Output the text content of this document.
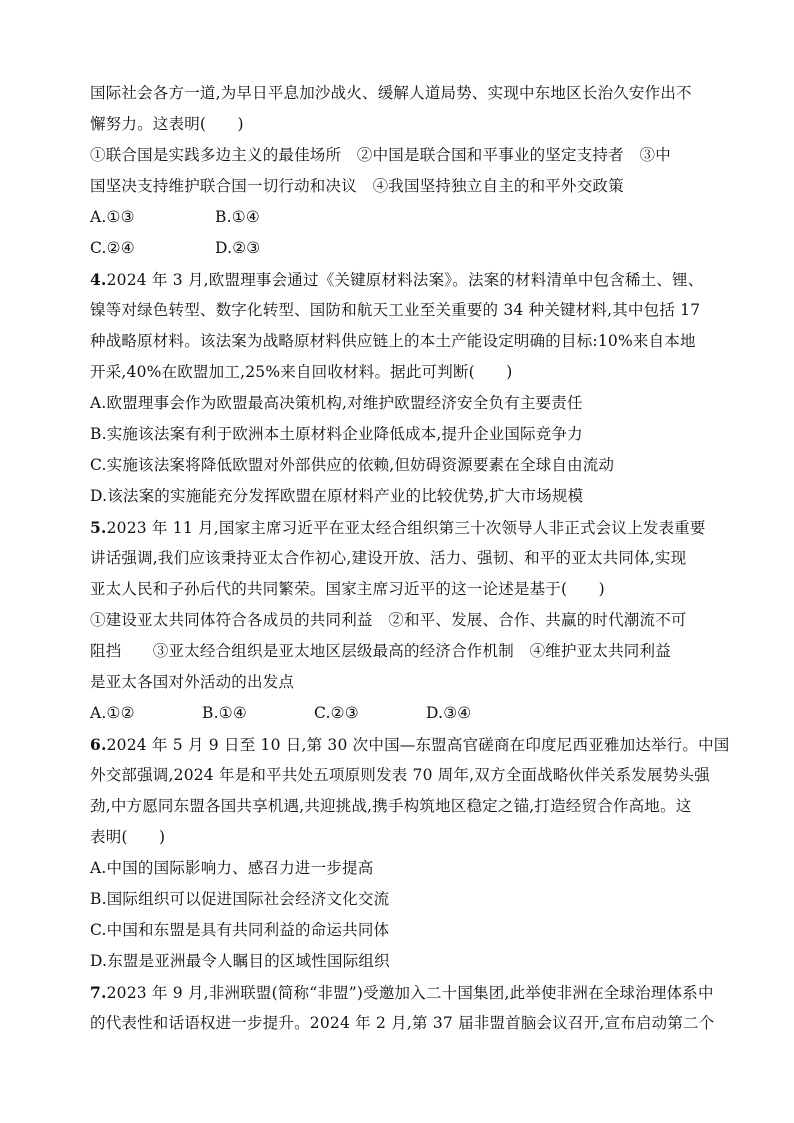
国际社会各方一道,为早日平息加沙战火、缓解人道局势、实现中东地区长治久安作出不
懈努力。这表明(　　)
①联合国是实践多边主义的最佳场所　②中国是联合国和平事业的坚定支持者　③中
国坚决支持维护联合国一切行动和决议　④我国坚持独立自主的和平外交政策
A.①③	B.①④
C.②④	D.②③
4.2024 年 3 月,欧盟理事会通过《关键原材料法案》。法案的材料清单中包含稀土、锂、
镍等对绿色转型、数字化转型、国防和航天工业至关重要的 34 种关键材料,其中包括 17
种战略原材料。该法案为战略原材料供应链上的本土产能设定明确的目标:10%来自本地
开采,40%在欧盟加工,25%来自回收材料。据此可判断(　　)
A.欧盟理事会作为欧盟最高决策机构,对维护欧盟经济安全负有主要责任
B.实施该法案有利于欧洲本土原材料企业降低成本,提升企业国际竞争力
C.实施该法案将降低欧盟对外部供应的依赖,但妨碍资源要素在全球自由流动
D.该法案的实施能充分发挥欧盟在原材料产业的比较优势,扩大市场规模
5.2023 年 11 月,国家主席习近平在亚太经合组织第三十次领导人非正式会议上发表重要
讲话强调,我们应该秉持亚太合作初心,建设开放、活力、强韧、和平的亚太共同体,实现
亚太人民和子孙后代的共同繁荣。国家主席习近平的这一论述是基于(　　)
①建设亚太共同体符合各成员的共同利益　②和平、发展、合作、共赢的时代潮流不可
阻挡　　③亚太经合组织是亚太地区层级最高的经济合作机制　④维护亚太共同利益
是亚太各国对外活动的出发点
A.①②	B.①④	C.②③	D.③④
6.2024 年 5 月 9 日至 10 日,第 30 次中国—东盟高官磋商在印度尼西亚雅加达举行。中国
外交部强调,2024 年是和平共处五项原则发表 70 周年,双方全面战略伙伴关系发展势头强
劲,中方愿同东盟各国共享机遇,共迎挑战,携手构筑地区稳定之锚,打造经贸合作高地。这
表明(　　)
A.中国的国际影响力、感召力进一步提高
B.国际组织可以促进国际社会经济文化交流
C.中国和东盟是具有共同利益的命运共同体
D.东盟是亚洲最令人瞩目的区域性国际组织
7.2023 年 9 月,非洲联盟(简称“非盟”)受邀加入二十国集团,此举使非洲在全球治理体系中
的代表性和话语权进一步提升。2024 年 2 月,第 37 届非盟首脑会议召开,宣布启动第二个
